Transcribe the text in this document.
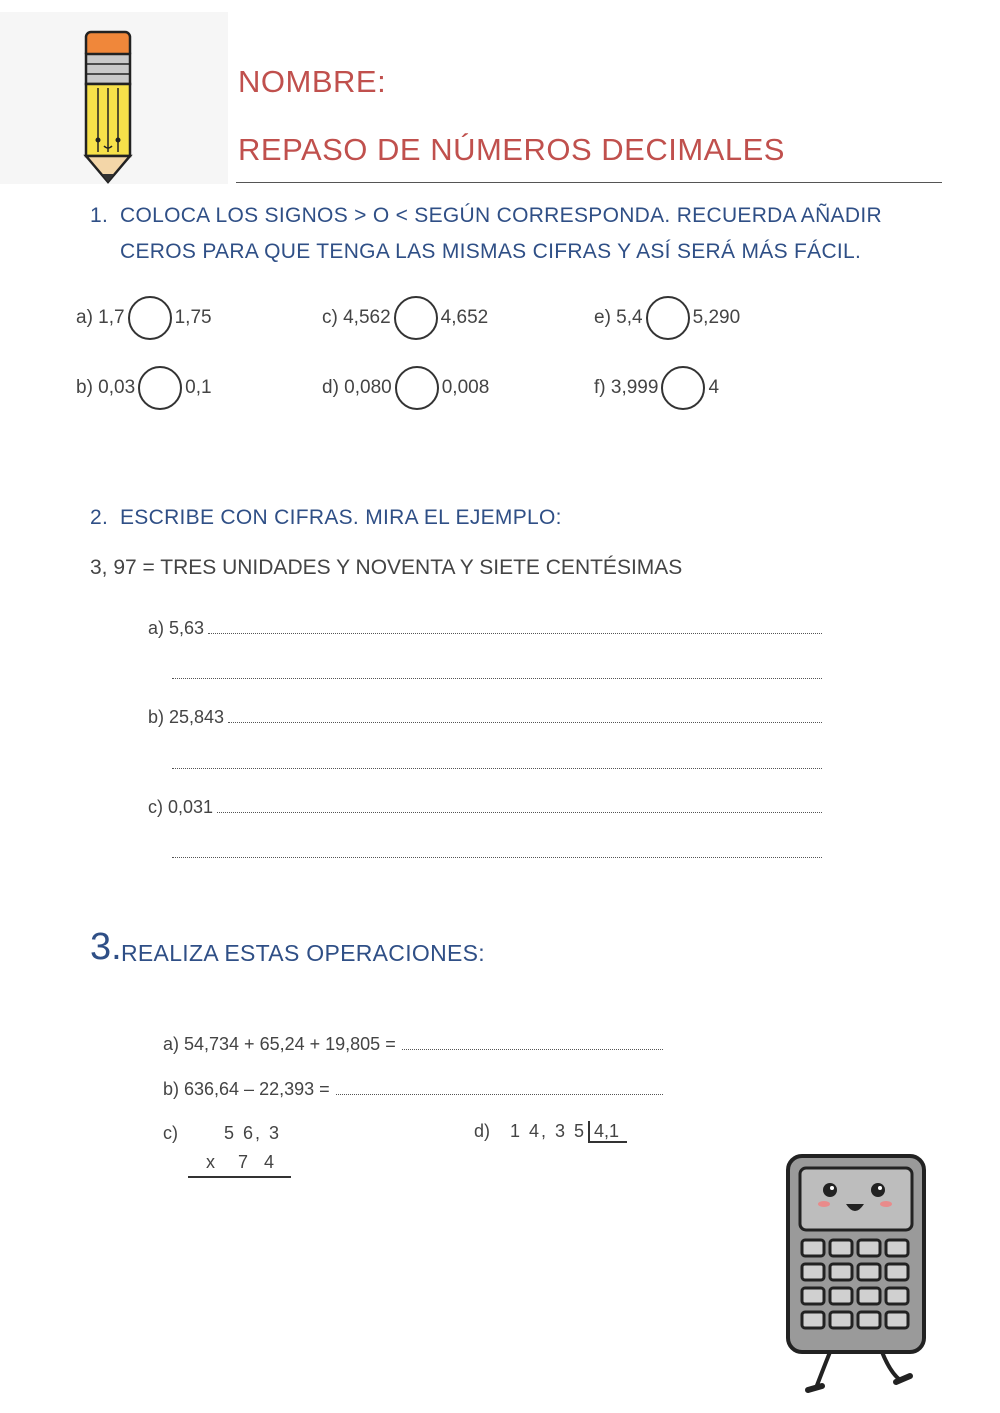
NOMBRE:
REPASO DE NÚMEROS DECIMALES
1. COLOCA LOS SIGNOS > O < SEGÚN CORRESPONDA. RECUERDA AÑADIR
CEROS PARA QUE TENGA LAS MISMAS CIFRAS Y ASÍ SERÁ MÁS FÁCIL.
a) 1,7	1,75
b) 0,03	0,1
c) 4,562	4,652
d) 0,080	0,008
e) 5,4	5,290
f) 3,999	4
2. ESCRIBE CON CIFRAS. MIRA EL EJEMPLO:
3, 97 = TRES UNIDADES Y NOVENTA Y SIETE CENTÉSIMAS
a) 5,63
b) 25,843
c) 0,031
3. REALIZA ESTAS OPERACIONES:
a) 54,734 + 65,24 + 19,805 =
b) 636,64 – 22,393 =
c)	5 6, 3
x   7  4
d) 1 4, 3 5 4,1
